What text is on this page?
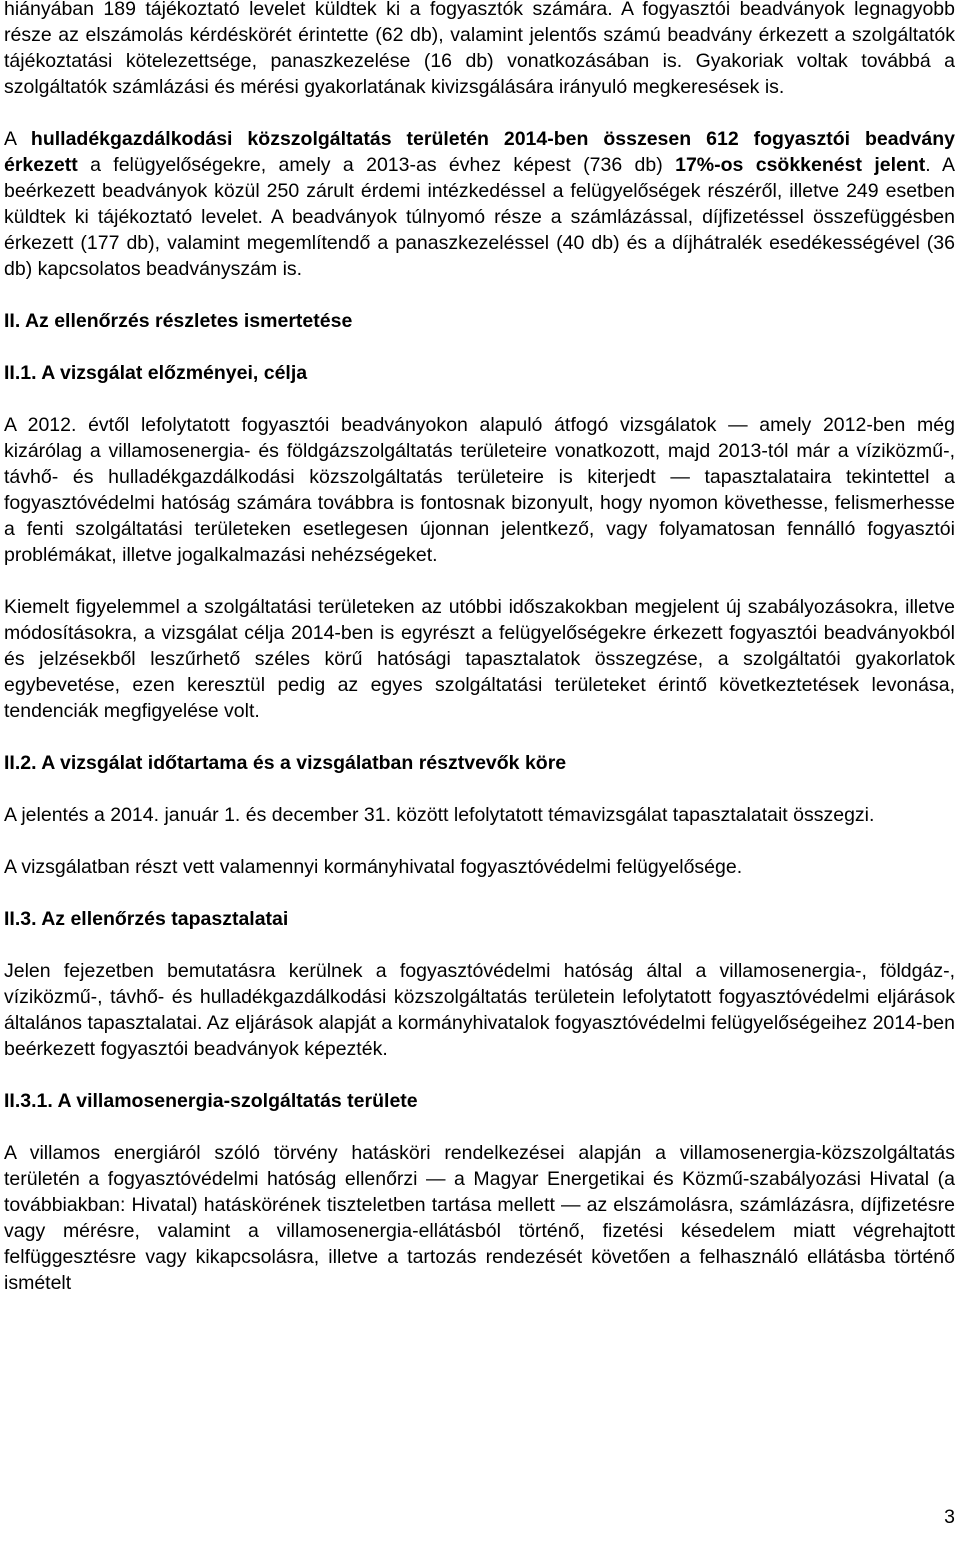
hiányában 189 tájékoztató levelet küldtek ki a fogyasztók számára. A fogyasztói beadványok legnagyobb része az elszámolás kérdéskörét érintette (62 db), valamint jelentős számú beadvány érkezett a szolgáltatók tájékoztatási kötelezettsége, panaszkezelése (16 db) vonatkozásában is. Gyakoriak voltak továbbá a szolgáltatók számlázási és mérési gyakorlatának kivizsgálására irányuló megkeresések is.

A hulladékgazdálkodási közszolgáltatás területén 2014-ben összesen 612 fogyasztói beadvány érkezett a felügyelőségekre, amely a 2013-as évhez képest (736 db) 17%-os csökkenést jelent. A beérkezett beadványok közül 250 zárult érdemi intézkedéssel a felügyelőségek részéről, illetve 249 esetben küldtek ki tájékoztató levelet. A beadványok túlnyomó része a számlázással, díjfizetéssel összefüggésben érkezett (177 db), valamint megemlítendő a panaszkezeléssel (40 db) és a díjhátralék esedékességével (36 db) kapcsolatos beadványszám is.

II. Az ellenőrzés részletes ismertetése

II.1. A vizsgálat előzményei, célja

A 2012. évtől lefolytatott fogyasztói beadványokon alapuló átfogó vizsgálatok ― amely 2012-ben még kizárólag a villamosenergia- és földgázszolgáltatás területeire vonatkozott, majd 2013-tól már a víziközmű-, távhő- és hulladékgazdálkodási közszolgáltatás területeire is kiterjedt ― tapasztalataira tekintettel a fogyasztóvédelmi hatóság számára továbbra is fontosnak bizonyult, hogy nyomon követhesse, felismerhesse a fenti szolgáltatási területeken esetlegesen újonnan jelentkező, vagy folyamatosan fennálló fogyasztói problémákat, illetve jogalkalmazási nehézségeket.

Kiemelt figyelemmel a szolgáltatási területeken az utóbbi időszakokban megjelent új szabályozásokra, illetve módosításokra, a vizsgálat célja 2014-ben is egyrészt a felügyelőségekre érkezett fogyasztói beadványokból és jelzésekből leszűrhető széles körű hatósági tapasztalatok összegzése, a szolgáltatói gyakorlatok egybevetése, ezen keresztül pedig az egyes szolgáltatási területeket érintő következtetések levonása, tendenciák megfigyelése volt.

II.2. A vizsgálat időtartama és a vizsgálatban résztvevők köre

A jelentés a 2014. január 1. és december 31. között lefolytatott témavizsgálat tapasztalatait összegzi.

A vizsgálatban részt vett valamennyi kormányhivatal fogyasztóvédelmi felügyelősége.

II.3. Az ellenőrzés tapasztalatai

Jelen fejezetben bemutatásra kerülnek a fogyasztóvédelmi hatóság által a villamosenergia-, földgáz-, víziközmű-, távhő- és hulladékgazdálkodási közszolgáltatás területein lefolytatott fogyasztóvédelmi eljárások általános tapasztalatai. Az eljárások alapját a kormányhivatalok fogyasztóvédelmi felügyelőségeihez 2014-ben beérkezett fogyasztói beadványok képezték.

II.3.1. A villamosenergia-szolgáltatás területe

A villamos energiáról szóló törvény hatásköri rendelkezései alapján a villamosenergia-közszolgáltatás területén a fogyasztóvédelmi hatóság ellenőrzi ― a Magyar Energetikai és Közmű-szabályozási Hivatal (a továbbiakban: Hivatal) hatáskörének tiszteletben tartása mellett ― az elszámolásra, számlázásra, díjfizetésre vagy mérésre, valamint a villamosenergia-ellátásból történő, fizetési késedelem miatt végrehajtott felfüggesztésre vagy kikapcsolásra, illetve a tartozás rendezését követően a felhasználó ellátásba történő ismételt

3
